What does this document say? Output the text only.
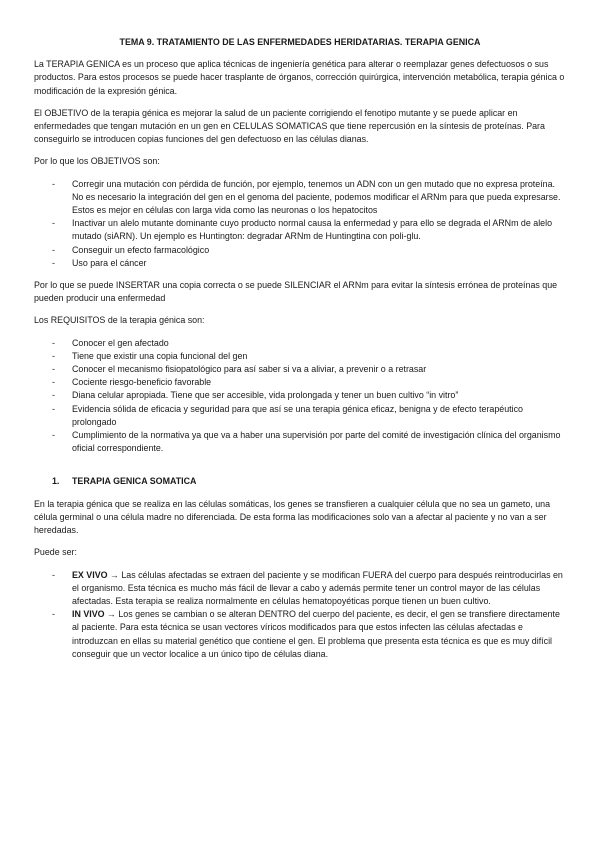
TEMA 9. TRATAMIENTO DE LAS ENFERMEDADES HERIDATARIAS. TERAPIA GENICA

La TERAPIA GENICA es un proceso que aplica técnicas de ingeniería genética para alterar o reemplazar genes defectuosos o sus productos. Para estos procesos se puede hacer trasplante de órganos, corrección quirúrgica, intervención metabólica, terapia génica o modificación de la expresión génica.

El OBJETIVO de la terapia génica es mejorar la salud de un paciente corrigiendo el fenotipo mutante y se puede aplicar en enfermedades que tengan mutación en un gen en CELULAS SOMATICAS que tiene repercusión en la síntesis de proteínas. Para conseguirlo se introducen copias funciones del gen defectuoso en las células dianas.

Por lo que los OBJETIVOS son:

- Corregir una mutación con pérdida de función, por ejemplo, tenemos un ADN con un gen mutado que no expresa proteína. No es necesario la integración del gen en el genoma del paciente, podemos modificar el ARNm para que pueda expresarse. Estos es mejor en células con larga vida como las neuronas o los hepatocitos
- Inactivar un alelo mutante dominante cuyo producto normal causa la enfermedad y para ello se degrada el ARNm de alelo mutado (siARN). Un ejemplo es Huntington: degradar ARNm de Huntingtina con poli-glu.
- Conseguir un efecto farmacológico
- Uso para el cáncer

Por lo que se puede INSERTAR una copia correcta o se puede SILENCIAR el ARNm para evitar la síntesis errónea de proteínas que pueden producir una enfermedad

Los REQUISITOS de la terapia génica son:

- Conocer el gen afectado
- Tiene que existir una copia funcional del gen
- Conocer el mecanismo fisiopatológico para así saber si va a aliviar, a prevenir o a retrasar
- Cociente riesgo-beneficio favorable
- Diana celular apropiada. Tiene que ser accesible, vida prolongada y tener un buen cultivo “in vitro”
- Evidencia sólida de eficacia y seguridad para que así se una terapia génica eficaz, benigna y de efecto terapéutico prolongado
- Cumplimiento de la normativa ya que va a haber una supervisión por parte del comité de investigación clínica del organismo oficial correspondiente.
1. TERAPIA GENICA SOMATICA

En la terapia génica que se realiza en las células somáticas, los genes se transfieren a cualquier célula que no sea un gameto, una célula germinal o una célula madre no diferenciada. De esta forma las modificaciones solo van a afectar al paciente y no van a ser heredadas.

Puede ser:

- EX VIVO → Las células afectadas se extraen del paciente y se modifican FUERA del cuerpo para después reintroducirlas en el organismo. Esta técnica es mucho más fácil de llevar a cabo y además permite tener un control mayor de las células afectadas. Esta terapia se realiza normalmente en células hematopoyéticas porque tienen un buen cultivo.
- IN VIVO → Los genes se cambian o se alteran DENTRO del cuerpo del paciente, es decir, el gen se transfiere directamente al paciente. Para esta técnica se usan vectores víricos modificados para que estos infecten las células afectadas e introduzcan en ellas su material genético que contiene el gen. El problema que presenta esta técnica es que es muy difícil conseguir que un vector localice a un único tipo de células diana.
